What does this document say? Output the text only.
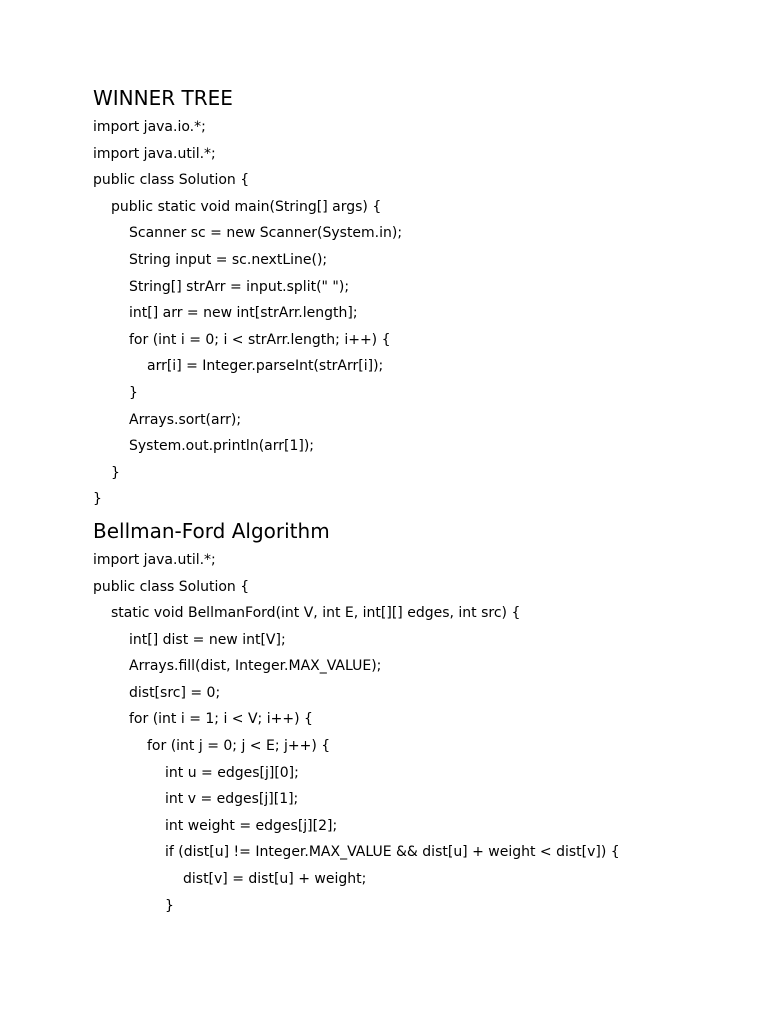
WINNER TREE
import java.io.*;
import java.util.*;
public class Solution {
public static void main(String[] args) {
Scanner sc = new Scanner(System.in);
String input = sc.nextLine();
String[] strArr = input.split(" ");
int[] arr = new int[strArr.length];
for (int i = 0; i < strArr.length; i++) {
arr[i] = Integer.parseInt(strArr[i]);
}
Arrays.sort(arr);
System.out.println(arr[1]);
}
}
Bellman-Ford Algorithm
import java.util.*;
public class Solution {
static void BellmanFord(int V, int E, int[][] edges, int src) {
int[] dist = new int[V];
Arrays.fill(dist, Integer.MAX_VALUE);
dist[src] = 0;
for (int i = 1; i < V; i++) {
for (int j = 0; j < E; j++) {
int u = edges[j][0];
int v = edges[j][1];
int weight = edges[j][2];
if (dist[u] != Integer.MAX_VALUE && dist[u] + weight < dist[v]) {
dist[v] = dist[u] + weight;
}
